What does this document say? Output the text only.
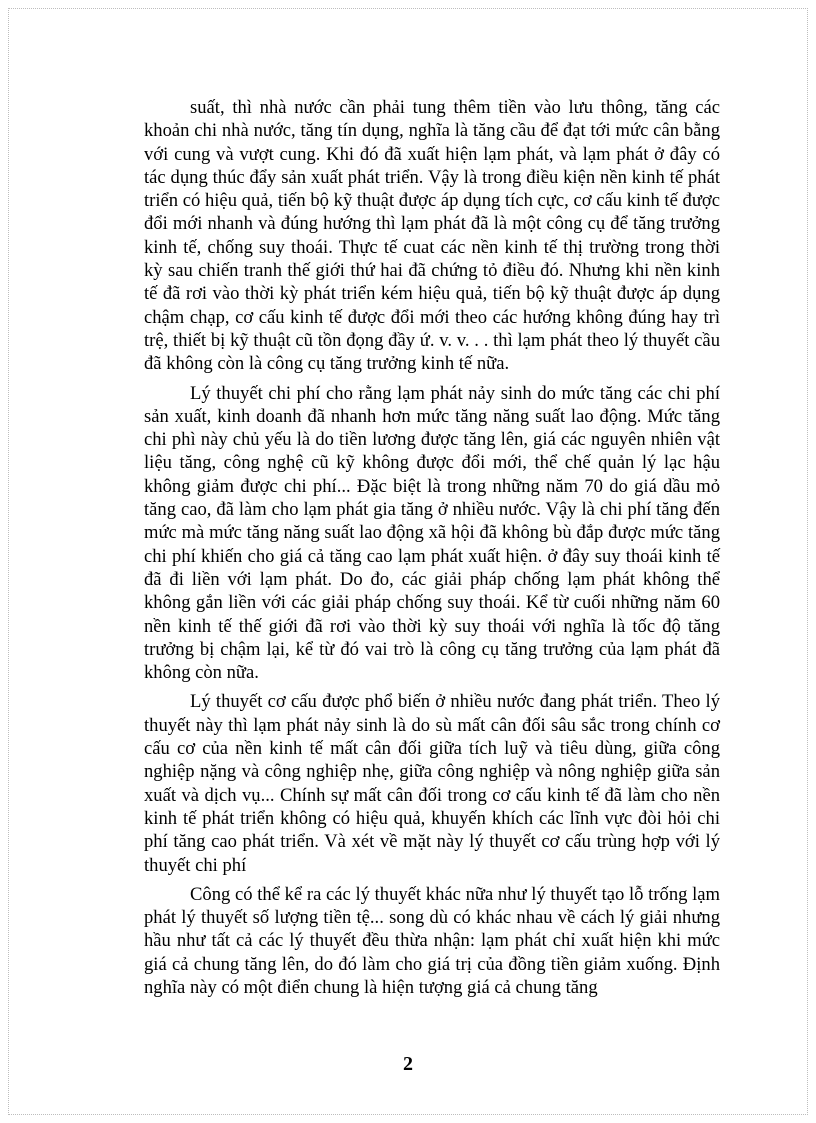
suất, thì nhà nước cần phải tung thêm tiền vào lưu thông, tăng các khoản chi nhà nước, tăng tín dụng, nghĩa là tăng cầu để đạt tới mức cân bằng với cung và vượt cung. Khi đó đã xuất hiện lạm phát, và lạm phát ở đây có tác dụng thúc đẩy sản xuất phát triển. Vậy là trong điều kiện nền kinh tế phát triển có hiệu quả, tiến bộ kỹ thuật được áp dụng tích cực, cơ cấu kinh tế được đổi mới nhanh và đúng hướng thì lạm phát đã là một công cụ để tăng trưởng kinh tế, chống suy thoái. Thực tế cuat các nền kinh tế thị trường trong thời kỳ sau chiến tranh thế giới thứ hai đã chứng tỏ điều đó. Nhưng khi nền kinh tế đã rơi vào thời kỳ phát triển kém hiệu quả, tiến bộ kỹ thuật được áp dụng chậm chạp, cơ cấu kinh tế được đổi mới theo các hướng không đúng hay trì trệ, thiết bị kỹ thuật cũ tồn đọng đầy ứ. v. v. . . thì lạm phát theo lý thuyết cầu đã không còn là công cụ tăng trưởng kinh tế nữa.

Lý thuyết chi phí cho rằng lạm phát nảy sinh do mức tăng các chi phí sản xuất, kinh doanh đã nhanh hơn mức tăng năng suất lao động. Mức tăng chi phì này chủ yếu là do tiền lương được tăng lên, giá các nguyên nhiên vật liệu tăng, công nghệ cũ kỹ không được đổi mới, thể chế quản lý lạc hậu không giảm được chi phí... Đặc biệt là trong những năm 70 do giá dầu mỏ tăng cao, đã làm cho lạm phát gia tăng ở nhiều nước. Vậy là chi phí tăng đến mức mà mức tăng năng suất lao động xã hội đã không bù đắp được mức tăng chi phí khiến cho giá cả tăng cao lạm phát xuất hiện. ở đây suy thoái kinh tế đã đi liền với lạm phát. Do đo, các giải pháp chống lạm phát không thể không gắn liền với các giải pháp chống suy thoái. Kể từ cuối những năm 60 nền kinh tế thế giới đã rơi vào thời kỳ suy thoái với nghĩa là tốc độ tăng trưởng bị chậm lại, kể từ đó vai trò là công cụ tăng trưởng của lạm phát đã không còn nữa.

Lý thuyết cơ cấu được phổ biến ở nhiều nước đang phát triển. Theo lý thuyết này thì lạm phát nảy sinh là do sù mất cân đối sâu sắc trong chính cơ cấu cơ của nền kinh tế mất cân đối giữa tích luỹ và tiêu dùng, giữa công nghiệp nặng và công nghiệp nhẹ, giữa công nghiệp và nông nghiệp giữa sản xuất và dịch vụ... Chính sự mất cân đối trong cơ cấu kinh tế đã làm cho nền kinh tế phát triển không có hiệu quả, khuyến khích các lĩnh vực đòi hỏi chi phí tăng cao phát triển. Và xét về mặt này lý thuyết cơ cấu trùng hợp với lý thuyết chi phí

Công có thể kể ra các lý thuyết khác nữa như lý thuyết tạo lỗ trống lạm phát lý thuyết số lượng tiền tệ... song dù có khác nhau về cách lý giải nhưng hầu như tất cả các lý thuyết đều thừa nhận: lạm phát chỉ xuất hiện khi mức giá cả chung tăng lên, do đó làm cho giá trị của đồng tiền giảm xuống. Định nghĩa này có một điển chung là hiện tượng giá cả chung tăng

2
